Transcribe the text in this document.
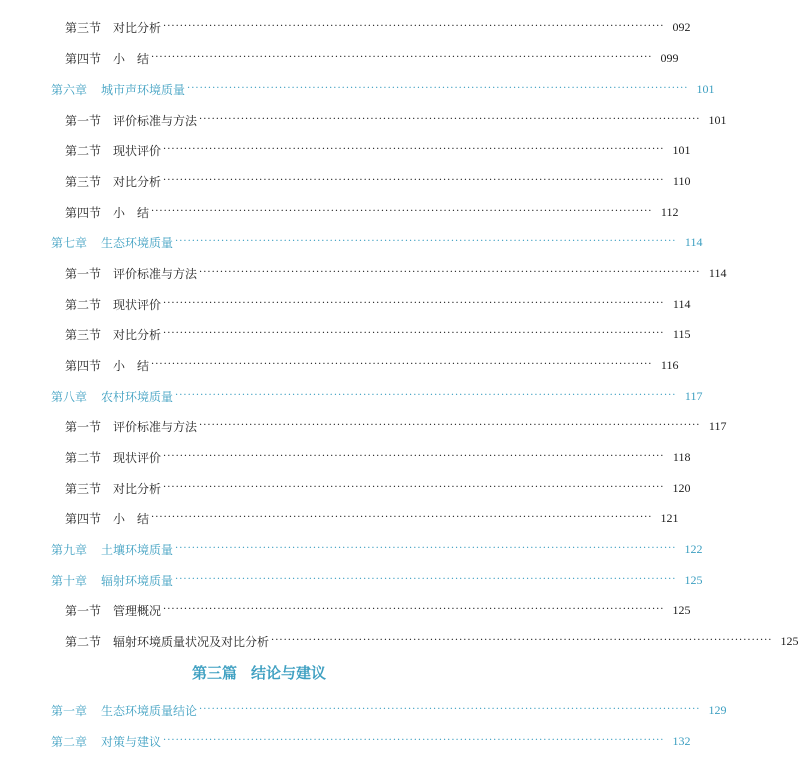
第三节 对比分析 ························································································································ 092
第四节 小　结 ························································································································ 099
第六章 城市声环境质量 ························································································································ 101
第一节 评价标准与方法 ························································································································ 101
第二节 现状评价 ························································································································ 101
第三节 对比分析 ························································································································ 110
第四节 小　结 ························································································································ 112
第七章 生态环境质量 ························································································································ 114
第一节 评价标准与方法 ························································································································ 114
第二节 现状评价 ························································································································ 114
第三节 对比分析 ························································································································ 115
第四节 小　结 ························································································································ 116
第八章 农村环境质量 ························································································································ 117
第一节 评价标准与方法 ························································································································ 117
第二节 现状评价 ························································································································ 118
第三节 对比分析 ························································································································ 120
第四节 小　结 ························································································································ 121
第九章 土壤环境质量 ························································································································ 122
第十章 辐射环境质量 ························································································································ 125
第一节 管理概况 ························································································································ 125
第二节 辐射环境质量状况及对比分析 ························································································································ 125
第三篇 结论与建议
第一章 生态环境质量结论 ························································································································ 129
第二章 对策与建议 ························································································································ 132
